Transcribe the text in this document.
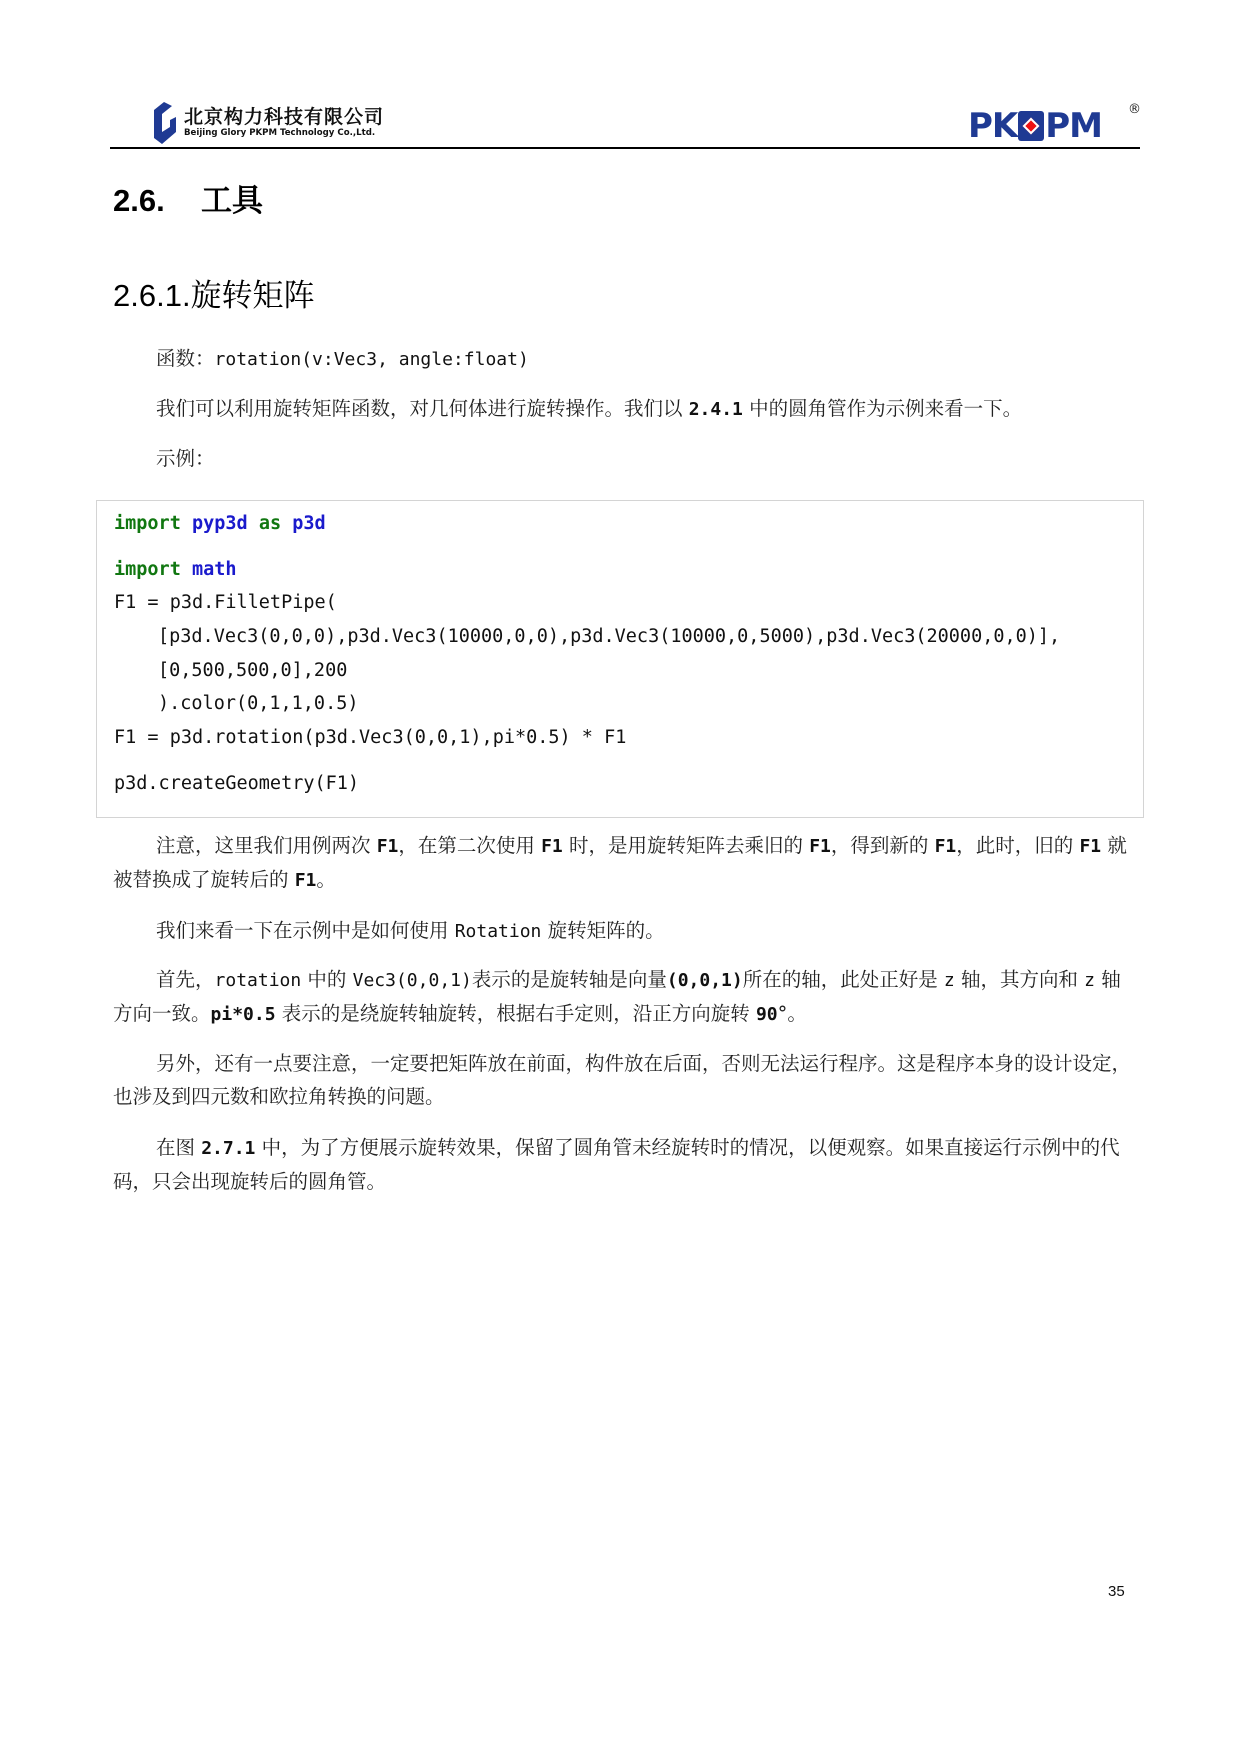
北京构力科技有限公司
Beijing Glory PKPM Technology Co.,Ltd.	PK PM ®
2.6. 工具
2.6.1.旋转矩阵
函数：rotation(v:Vec3, angle:float)
我们可以利用旋转矩阵函数，对几何体进行旋转操作。我们以 2.4.1 中的圆角管作为示例来看一下。
示例：
import pyp3d as p3d
import math
F1 = p3d.FilletPipe(
[p3d.Vec3(0,0,0),p3d.Vec3(10000,0,0),p3d.Vec3(10000,0,5000),p3d.Vec3(20000,0,0)],
[0,500,500,0],200
).color(0,1,1,0.5)
F1 = p3d.rotation(p3d.Vec3(0,0,1),pi*0.5) * F1
p3d.createGeometry(F1)
注意，这里我们用例两次 F1，在第二次使用 F1 时，是用旋转矩阵去乘旧的 F1，得到新的 F1，此时，旧的 F1 就被替换成了旋转后的 F1。
我们来看一下在示例中是如何使用 Rotation 旋转矩阵的。
首先，rotation 中的 Vec3(0,0,1)表示的是旋转轴是向量(0,0,1)所在的轴，此处正好是 z 轴，其方向和 z 轴方向一致。pi*0.5 表示的是绕旋转轴旋转，根据右手定则，沿正方向旋转 90°。
另外，还有一点要注意，一定要把矩阵放在前面，构件放在后面，否则无法运行程序。这是程序本身的设计设定，也涉及到四元数和欧拉角转换的问题。
在图 2.7.1 中，为了方便展示旋转效果，保留了圆角管未经旋转时的情况，以便观察。如果直接运行示例中的代码，只会出现旋转后的圆角管。
35
